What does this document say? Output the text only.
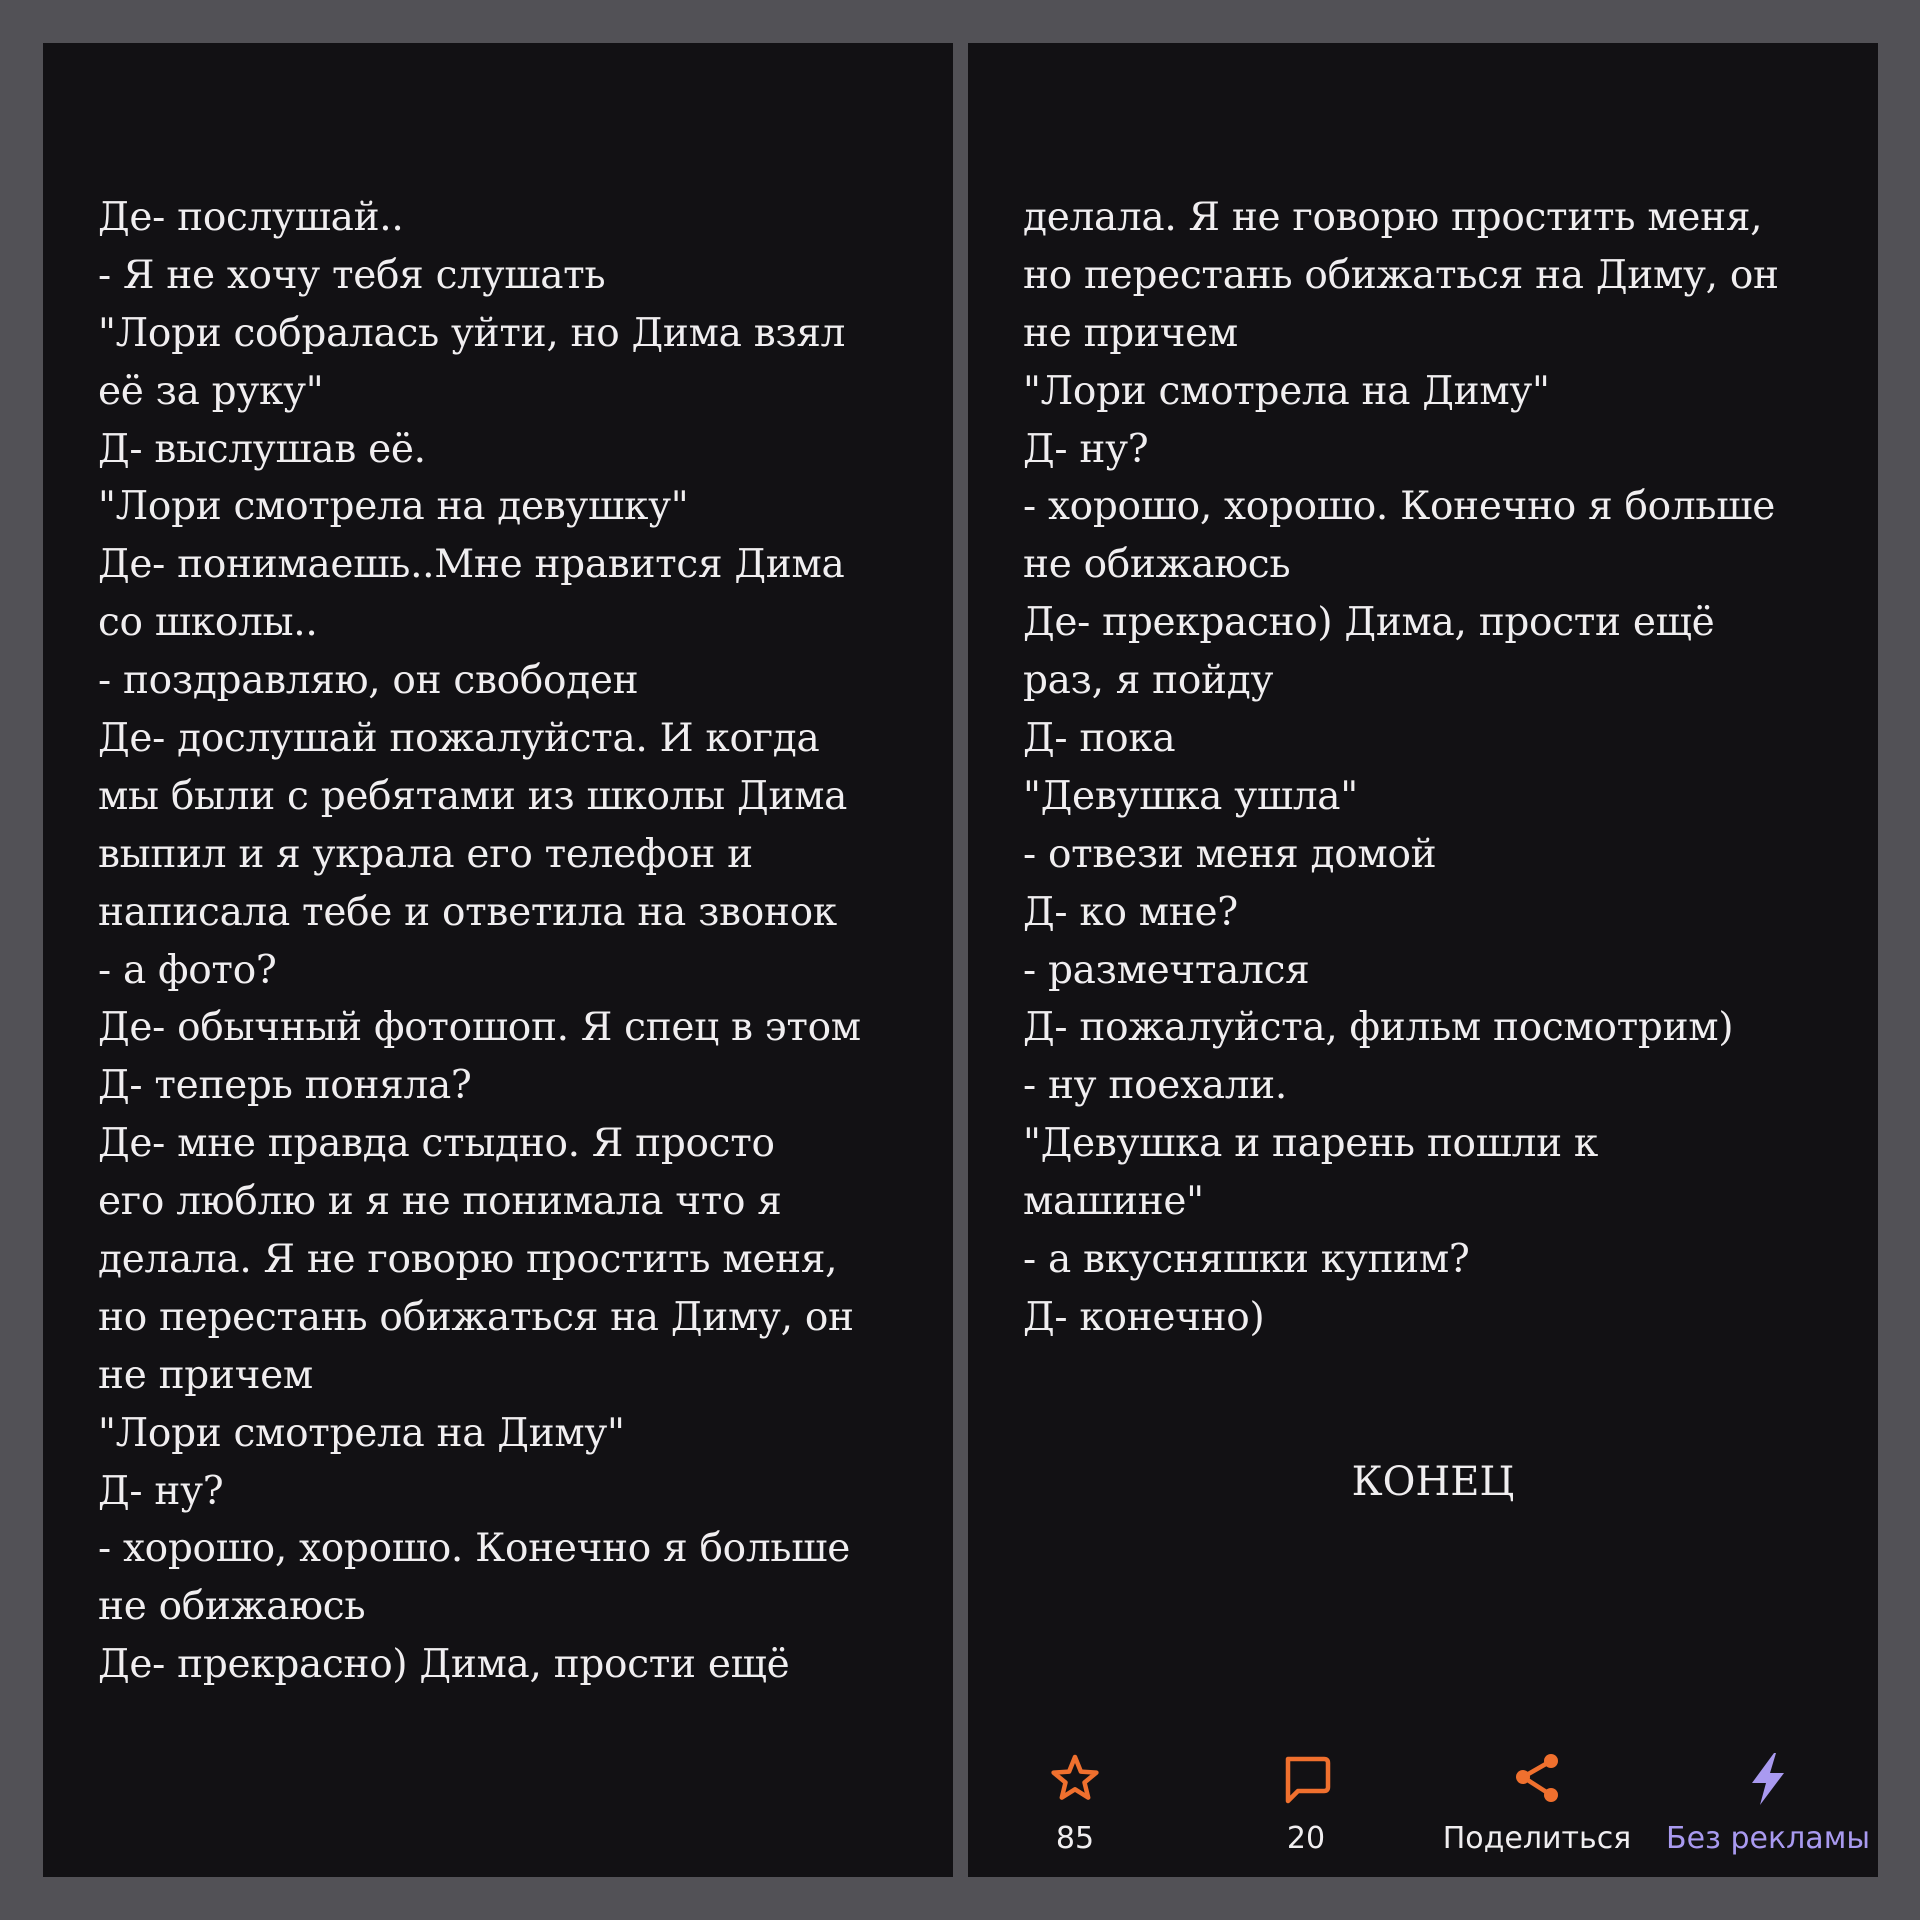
Де- послушай..
- Я не хочу тебя слушать
"Лори собралась уйти, но Дима взял
её за руку"
Д- выслушав её.
"Лори смотрела на девушку"
Де- понимаешь..Мне нравится Дима
со школы..
- поздравляю, он свободен
Де- дослушай пожалуйста. И когда
мы были с ребятами из школы Дима
выпил и я украла его телефон и
написала тебе и ответила на звонок
- а фото?
Де- обычный фотошоп. Я спец в этом
Д- теперь поняла?
Де- мне правда стыдно. Я просто
его люблю и я не понимала что я
делала. Я не говорю простить меня,
но перестань обижаться на Диму, он
не причем
"Лори смотрела на Диму"
Д- ну?
- хорошо, хорошо. Конечно я больше
не обижаюсь
Де- прекрасно) Дима, прости ещё
делала. Я не говорю простить меня,
но перестань обижаться на Диму, он
не причем
"Лори смотрела на Диму"
Д- ну?
- хорошо, хорошо. Конечно я больше
не обижаюсь
Де- прекрасно) Дима, прости ещё
раз, я пойду
Д- пока
"Девушка ушла"
- отвези меня домой
Д- ко мне?
- размечтался
Д- пожалуйста, фильм посмотрим)
- ну поехали.
"Девушка и парень пошли к
машине"
- а вкусняшки купим?
Д- конечно)
КОНЕЦ
85	20	Поделиться	Без рекламы
